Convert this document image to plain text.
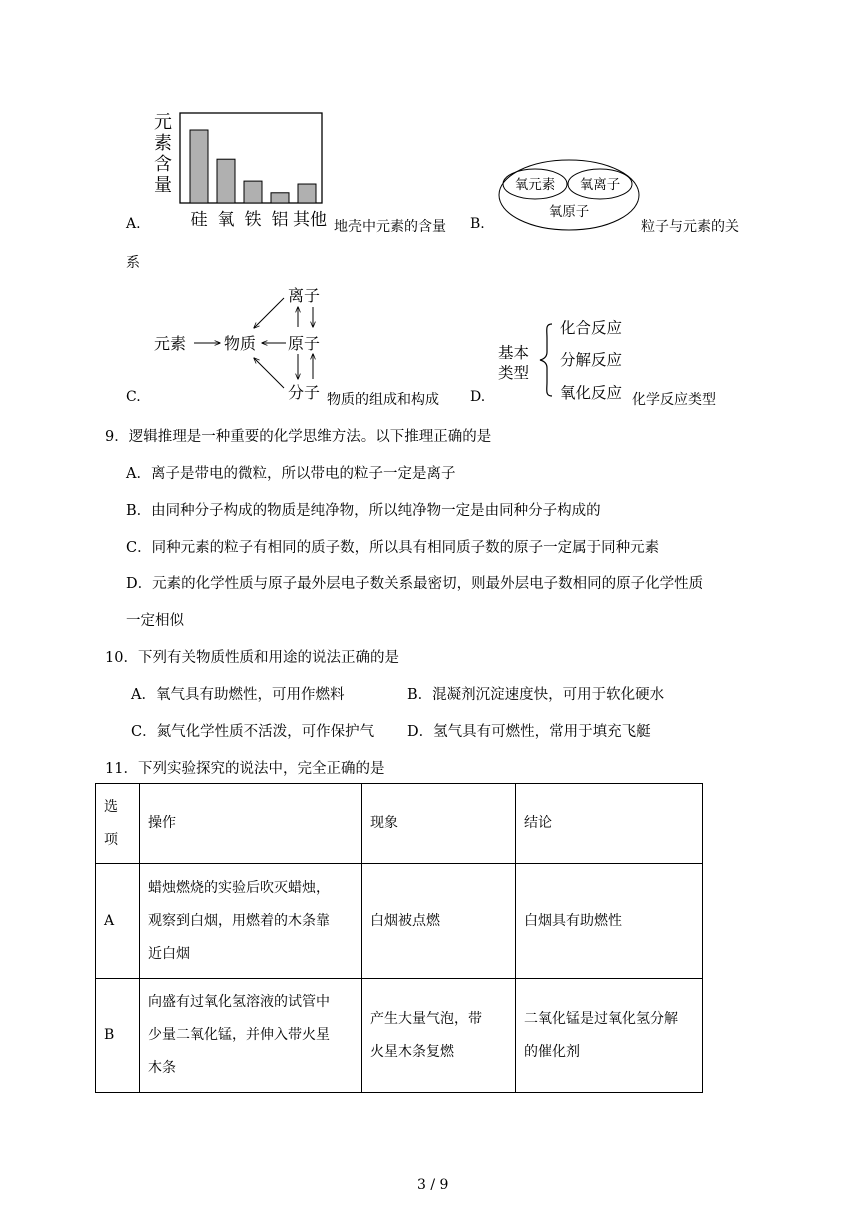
A.
元
素
含
量
硅 氧 铁 铝 其他 地壳中元素的含量 B.
氧元素 氧离子
氧原子
粒子与元素的关
系
C.
元素 物质
离子
原子
分子 物质的组成和构成 D.
基本
类型
化合反应
分解反应
氧化反应 化学反应类型
9．逻辑推理是一种重要的化学思维方法。以下推理正确的是
A．离子是带电的微粒，所以带电的粒子一定是离子
B．由同种分子构成的物质是纯净物，所以纯净物一定是由同种分子构成的
C．同种元素的粒子有相同的质子数，所以具有相同质子数的原子一定属于同种元素
D．元素的化学性质与原子最外层电子数关系最密切，则最外层电子数相同的原子化学性质
一定相似
10．下列有关物质性质和用途的说法正确的是
A．氧气具有助燃性，可用作燃料	B．混凝剂沉淀速度快，可用于软化硬水
C．氮气化学性质不活泼，可作保护气 D．氢气具有可燃性，常用于填充飞艇
11．下列实验探究的说法中，完全正确的是
选
项	操作	现象	结论
A	蜡烛燃烧的实验后吹灭蜡烛，
观察到白烟，用燃着的木条靠
近白烟	白烟被点燃	白烟具有助燃性
B	向盛有过氧化氢溶液的试管中
少量二氧化锰，并伸入带火星
木条	产生大量气泡，带
火星木条复燃	二氧化锰是过氧化氢分解
的催化剂
3 / 9
